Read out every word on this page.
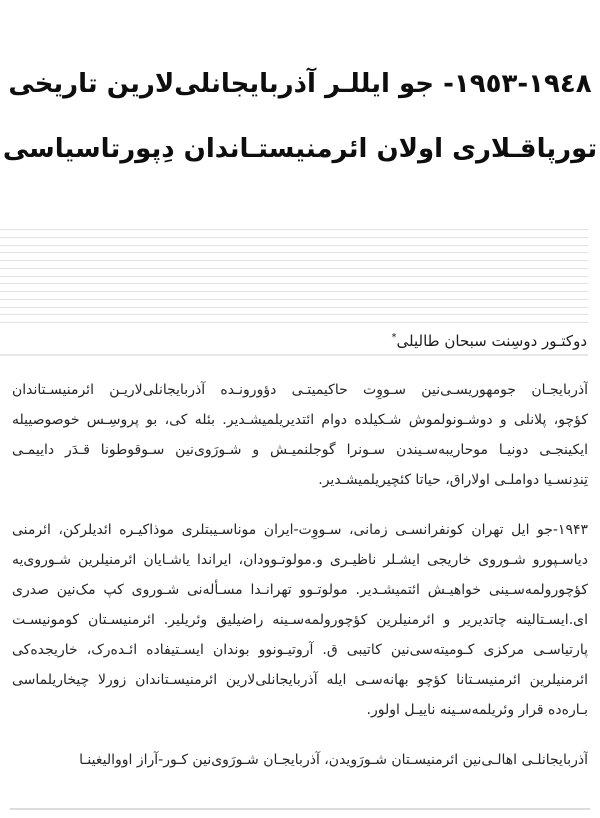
١٩٤٨-١٩٥٣- جو ایللـر آذربایجانلی‌لارین تاریخی
تورپاقـلاری اولان ائرمنیستـاندان دِپورتاسیاسی
دوکتـور دوسِنت سبحان طالیلی*
آذربایجـان جومهوریسـی‌نین سـووِت حاکیمیتـی دؤورونـده آذربایجانلی‌لاریـن ائرمنیسـتاندان
کؤچو، پلانلی و دوشـونولموش شـکیلده دوام ائتدیریلمیشـدیر. بئله کی، بو پروسِـس خوصوصییله
ایکینجـی دونیـا موحاریبه‌سـیندن سـونرا گوجلنمیـش و شـورَوی‌نین سـوقوطونا قـدَر داییمـی
تِندِنسـیا دواملـی اولاراق، حیاتا کئچیریلمیشـدیر.
۱۹۴۳-جو ایل تهران کونفرانسـی زمانی، سـووِت-ایران موناسـیبتلری موذاکیـره ائدیلرکن، ائرمنی
دیاسـپورو شـوروی خاریجی ایشـلر ناظیـری و.مولوتـوودان، ایراندا یاشـایان ائرمنیلرین شـوروی‌یه
کؤچورولمه‌سـینی خواهیـش ائتمیشـدیر. مولوتـوو تهرانـدا مسـأله‌نی شـوروی کپ مک‌نین صدری
ای.ایسـتالینه چاتدیریر و ائرمنیلرین کؤچورولمه‌سـینه راضیلیق وئریلیر. ائرمنیسـتان کومونیسـت
پارتیاسـی مرکزی کـومیته‌سی‌نین کاتیبی ق. آروتیـونوو بوندان ایسـتیفاده ائـده‌رک، خاریجده‌کی
ائرمنیلرین ائرمنیسـتانا کؤچو بهانه‌سـی ایله آذربایجانلی‌لارین ائرمنیسـتاندان زورلا چیخاریلماسی
بـاره‌ده قرار وئریلمه‌سـینه ناییـل اولور.
آذربایجانلـی اهالـی‌نین ائرمنیسـتان شـورَویدن، آذربایجـان شـورَوی‌نین کـور-آراز اووالیغینـا
